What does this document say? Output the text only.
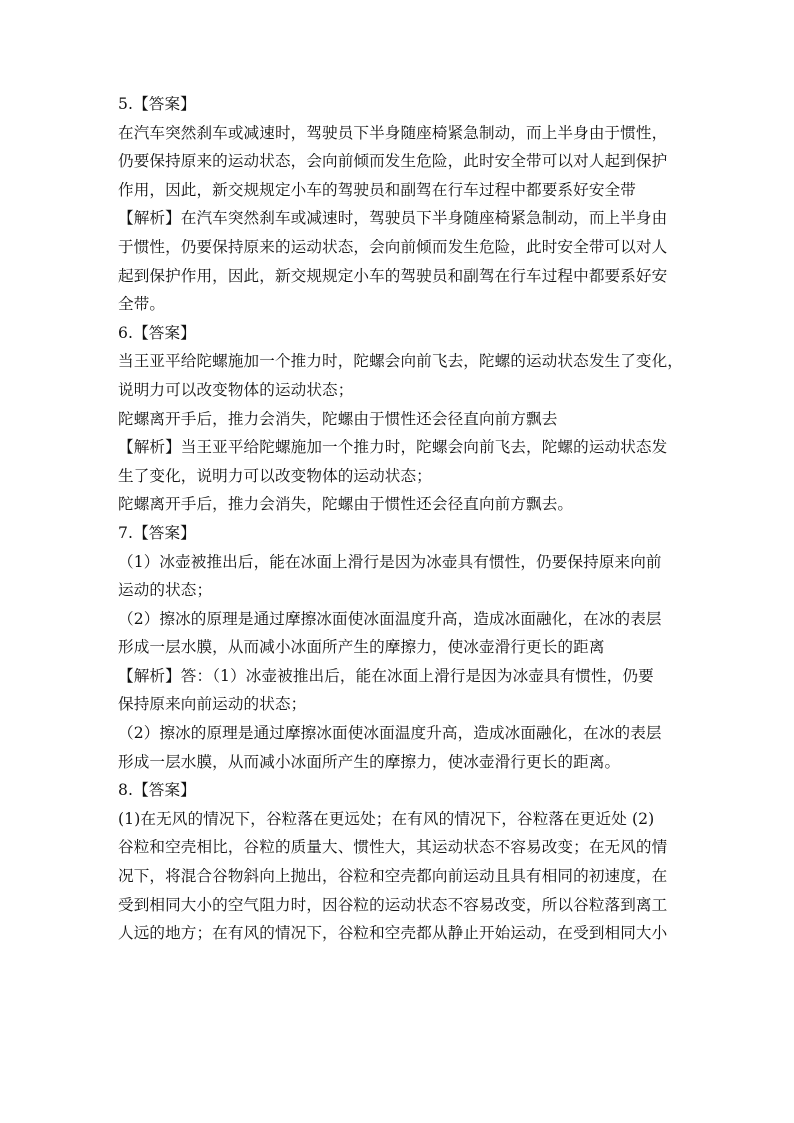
5.【答案】
在汽车突然刹车或减速时，驾驶员下半身随座椅紧急制动，而上半身由于惯性，
仍要保持原来的运动状态，会向前倾而发生危险，此时安全带可以对人起到保护
作用，因此，新交规规定小车的驾驶员和副驾在行车过程中都要系好安全带
【解析】在汽车突然刹车或减速时，驾驶员下半身随座椅紧急制动，而上半身由
于惯性，仍要保持原来的运动状态，会向前倾而发生危险，此时安全带可以对人
起到保护作用，因此，新交规规定小车的驾驶员和副驾在行车过程中都要系好安
全带。
6.【答案】
当王亚平给陀螺施加一个推力时，陀螺会向前飞去，陀螺的运动状态发生了变化，
说明力可以改变物体的运动状态；
陀螺离开手后，推力会消失，陀螺由于惯性还会径直向前方飘去
【解析】当王亚平给陀螺施加一个推力时，陀螺会向前飞去，陀螺的运动状态发
生了变化，说明力可以改变物体的运动状态；
陀螺离开手后，推力会消失，陀螺由于惯性还会径直向前方飘去。
7.【答案】
（1）冰壶被推出后，能在冰面上滑行是因为冰壶具有惯性，仍要保持原来向前
运动的状态；
（2）擦冰的原理是通过摩擦冰面使冰面温度升高，造成冰面融化，在冰的表层
形成一层水膜，从而减小冰面所产生的摩擦力，使冰壶滑行更长的距离
【解析】答：（1）冰壶被推出后，能在冰面上滑行是因为冰壶具有惯性，仍要
保持原来向前运动的状态；
（2）擦冰的原理是通过摩擦冰面使冰面温度升高，造成冰面融化，在冰的表层
形成一层水膜，从而减小冰面所产生的摩擦力，使冰壶滑行更长的距离。
8.【答案】
(1)在无风的情况下，谷粒落在更远处；在有风的情况下，谷粒落在更近处 (2)
谷粒和空壳相比，谷粒的质量大、惯性大，其运动状态不容易改变；在无风的情
况下，将混合谷物斜向上抛出，谷粒和空壳都向前运动且具有相同的初速度，在
受到相同大小的空气阻力时，因谷粒的运动状态不容易改变，所以谷粒落到离工
人远的地方；在有风的情况下，谷粒和空壳都从静止开始运动，在受到相同大小
